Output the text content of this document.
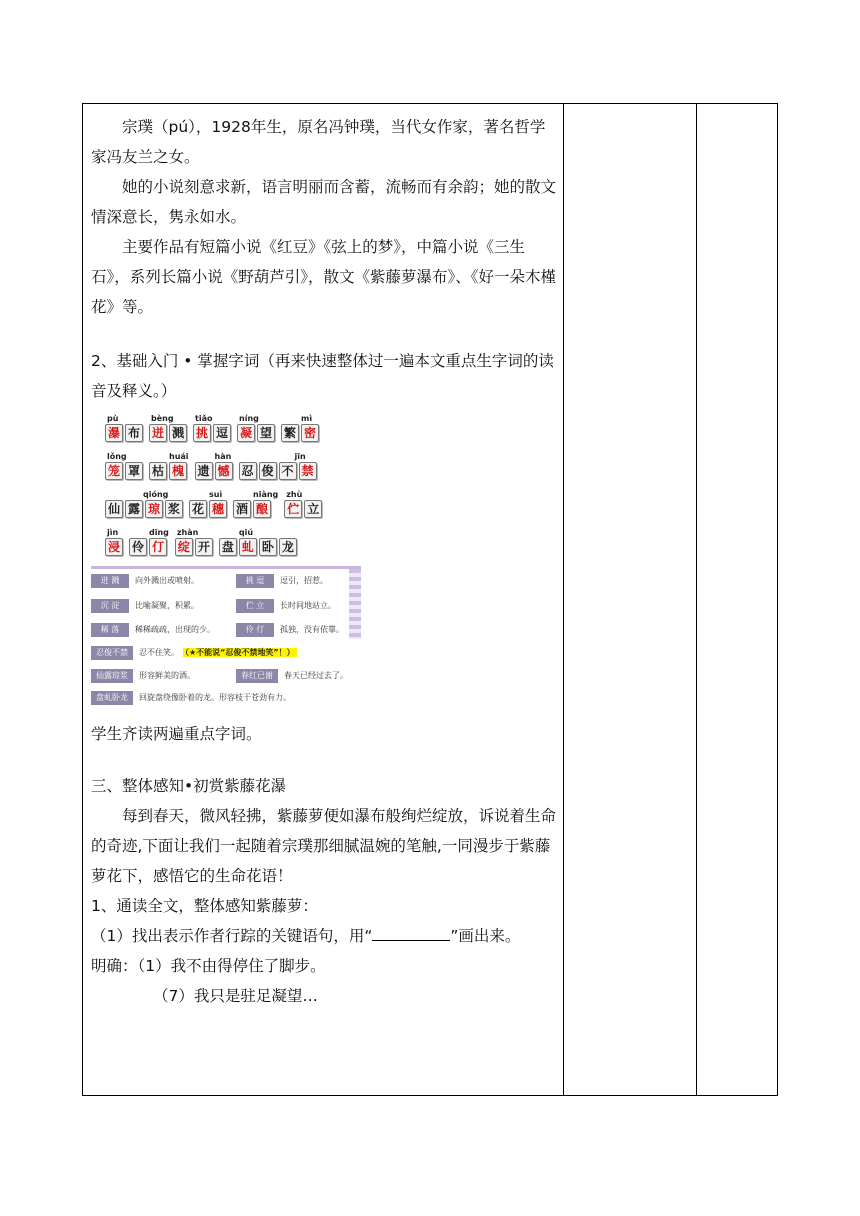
宗璞（pú），1928年生，原名冯钟璞，当代女作家，著名哲学家冯友兰之女。

她的小说刻意求新，语言明丽而含蓄，流畅而有余韵；她的散文情深意长，隽永如水。

主要作品有短篇小说《红豆》《弦上的梦》，中篇小说《三生石》，系列长篇小说《野葫芦引》，散文《紫藤萝瀑布》、《好一朵木槿花》等。

2、基础入门 • 掌握字词（再来快速整体过一遍本文重点生字词的读音及释义。）

pù
瀑 布
bèng
迸 溅
tiǎo
挑 逗
níng
凝 望
mì
繁 密
lǒng
笼 罩
huái
枯 槐
hàn
遗 憾
jīn
忍 俊 不 禁
qióng
仙 露 琼 浆
suì
花 穗
niàng
酒 酿
zhù
伫 立
jìn
浸
dīng
伶 仃
zhàn
绽 开
qiú
盘 虬 卧 龙
迸 溅 向外溅出或喷射。	挑 逗	逗引，招惹。
沉 淀 比喻凝聚，积累。	伫 立	长时间地站立。
稀 落 稀稀疏疏，出现的少。	伶 仃	孤独，没有依靠。
忍俊不禁 忍不住笑。 （★不能说“忍俊不禁地笑”！）
仙露琼浆 形容鲜美的酒。	春红已谢	春天已经过去了。
盘虬卧龙 回旋盘绕像卧着的龙。形容枝干苍劲有力。

学生齐读两遍重点字词。

三、整体感知•初赏紫藤花瀑

每到春天，微风轻拂，紫藤萝便如瀑布般绚烂绽放，诉说着生命的奇迹,下面让我们一起随着宗璞那细腻温婉的笔触,一同漫步于紫藤萝花下，感悟它的生命花语！

1、通读全文，整体感知紫藤萝：

（1）找出表示作者行踪的关键语句，用“	”画出来。

明确：（1）我不由得停住了脚步。

（7）我只是驻足凝望…
